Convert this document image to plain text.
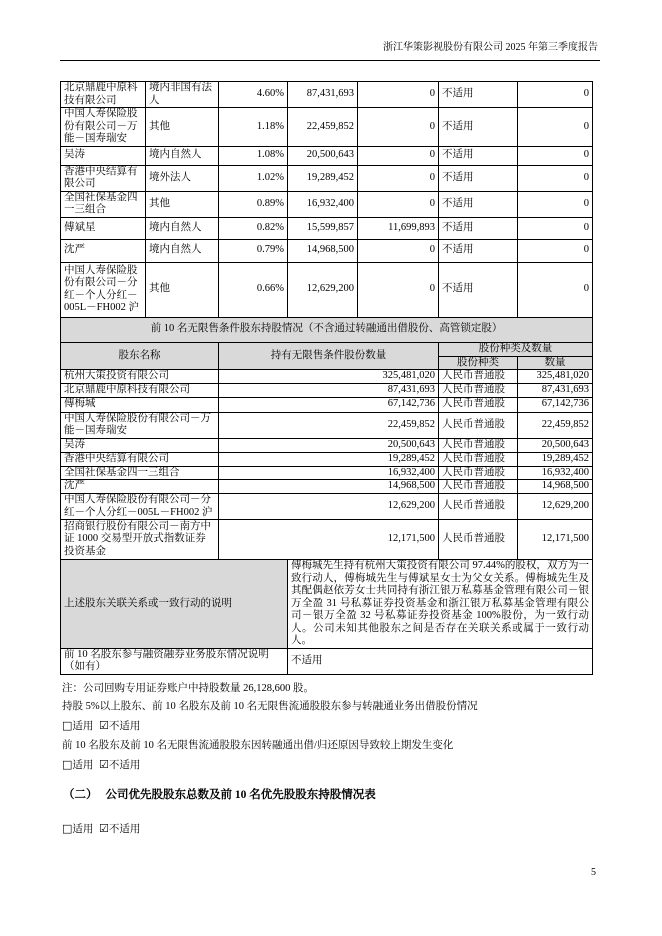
浙江华策影视股份有限公司 2025 年第三季度报告
北京鼎鹿中原科技有限公司	境内非国有法人	4.60%	87,431,693	0	不适用	0
中国人寿保险股份有限公司－万能－国寿瑞安	其他	1.18%	22,459,852	0	不适用	0
吴涛	境内自然人	1.08%	20,500,643	0	不适用	0
香港中央结算有限公司	境外法人	1.02%	19,289,452	0	不适用	0
全国社保基金四一三组合	其他	0.89%	16,932,400	0	不适用	0
傅斌星	境内自然人	0.82%	15,599,857	11,699,893	不适用	0
沈严	境内自然人	0.79%	14,968,500	0	不适用	0
中国人寿保险股份有限公司－分红－个人分红－005L－FH002 沪	其他	0.66%	12,629,200	0	不适用	0
前 10 名无限售条件股东持股情况（不含通过转融通出借股份、高管锁定股）						
股东名称		持有无限售条件股份数量			股份种类及数量	
					股份种类	数量
杭州大策投资有限公司		325,481,020			人民币普通股	325,481,020
北京鼎鹿中原科技有限公司		87,431,693			人民币普通股	87,431,693
傅梅城		67,142,736			人民币普通股	67,142,736
中国人寿保险股份有限公司－万能－国寿瑞安		22,459,852			人民币普通股	22,459,852
吴涛		20,500,643			人民币普通股	20,500,643
香港中央结算有限公司		19,289,452			人民币普通股	19,289,452
全国社保基金四一三组合		16,932,400			人民币普通股	16,932,400
沈严		14,968,500			人民币普通股	14,968,500
中国人寿保险股份有限公司－分红－个人分红－005L－FH002 沪		12,629,200			人民币普通股	12,629,200
招商银行股份有限公司－南方中证 1000 交易型开放式指数证券投资基金		12,171,500			人民币普通股	12,171,500
上述股东关联关系或一致行动的说明			傅梅城先生持有杭州大策投资有限公司 97.44%的股权，双方为一致行动人，傅梅城先生与傅斌星女士为父女关系。傅梅城先生及其配偶赵依芳女士共同持有浙江银万私募基金管理有限公司－银万全盈 31 号私募证券投资基金和浙江银万私募基金管理有限公司－银万全盈 32 号私募证券投资基金 100%股份，为一致行动人。公司未知其他股东之间是否存在关联关系或属于一致行动人。			
前 10 名股东参与融资融券业务股东情况说明（如有）			不适用			
注：公司回购专用证券账户中持股数量 26,128,600 股。
持股 5%以上股东、前 10 名股东及前 10 名无限售流通股股东参与转融通业务出借股份情况
□适用 ☑不适用
前 10 名股东及前 10 名无限售流通股股东因转融通出借/归还原因导致较上期发生变化
□适用 ☑不适用
（二） 公司优先股股东总数及前 10 名优先股股东持股情况表
□适用 ☑不适用
5
